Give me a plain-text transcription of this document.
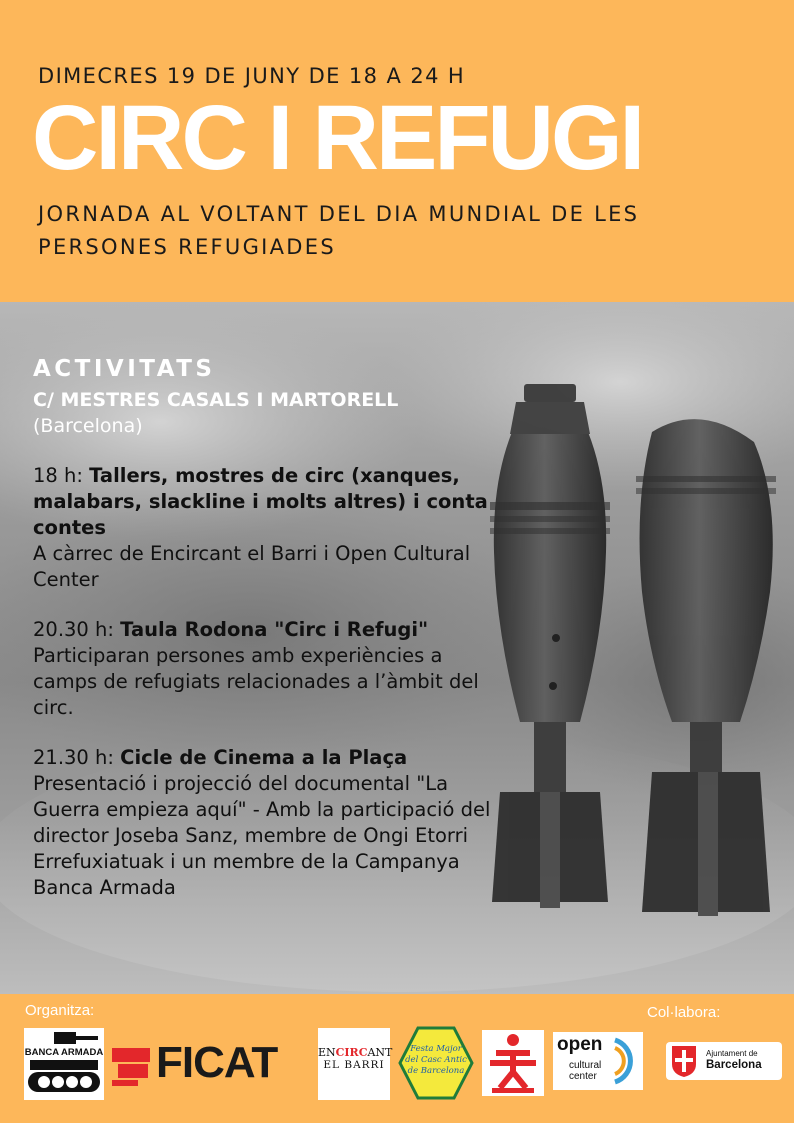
DIMECRES 19 DE JUNY DE 18 A 24 H
CIRC I REFUGI
JORNADA AL VOLTANT DEL DIA MUNDIAL DE LES PERSONES REFUGIADES
ACTIVITATS
C/ MESTRES CASALS I MARTORELL
(Barcelona)
18 h: Tallers, mostres de circ (xanques, malabars, slackline i molts altres) i conta contes
A càrrec de Encircant el Barri i Open Cultural Center
20.30 h: Taula Rodona "Circ i Refugi"
Participaran persones amb experiències a camps de refugiats relacionades a l’àmbit del circ.
21.30 h: Cicle de Cinema a la Plaça
Presentació i projecció del documental "La Guerra empieza aquí" - Amb la participació del director Joseba Sanz, membre de Ongi Etorri Errefuxiatuak i un membre de la Campanya Banca Armada
Organitza:	Col·labora:
BANCA ARMADA FICAT	ENCIRCANT
EL BARRI
Festa Major
del Casc Antic
de Barcelona
open
cultural
center
Ajuntament de
Barcelona
